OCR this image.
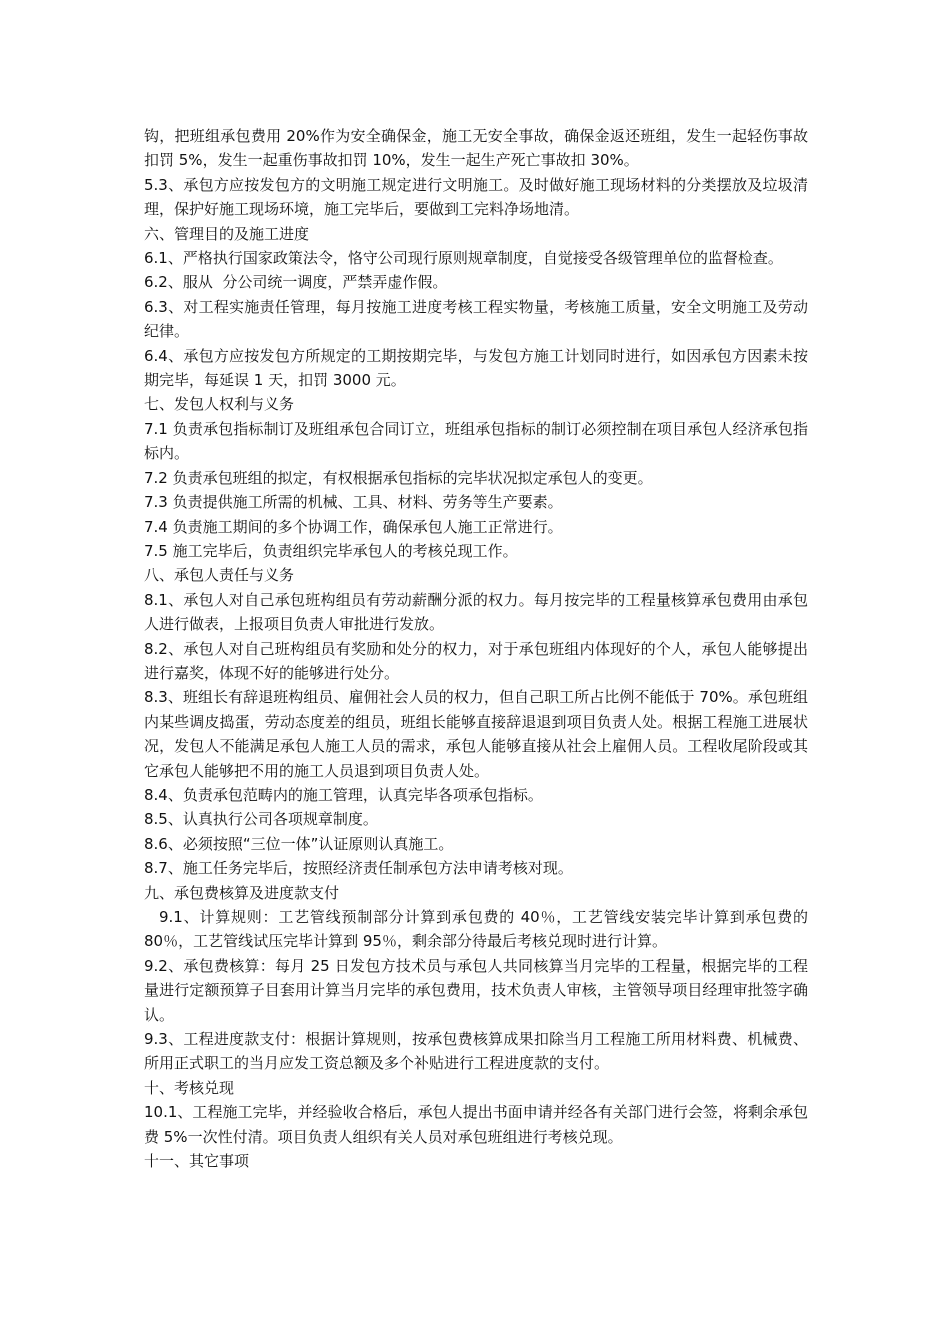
钩，把班组承包费用 20%作为安全确保金，施工无安全事故，确保金返还班组，发生一起轻伤事故扣罚 5%，发生一起重伤事故扣罚 10%，发生一起生产死亡事故扣 30%。

5.3、承包方应按发包方的文明施工规定进行文明施工。及时做好施工现场材料的分类摆放及垃圾清理，保护好施工现场环境，施工完毕后，要做到工完料净场地清。

六、管理目的及施工进度

6.1、严格执行国家政策法令，恪守公司现行原则规章制度，自觉接受各级管理单位的监督检查。

6.2、服从  分公司统一调度，严禁弄虚作假。

6.3、对工程实施责任管理，每月按施工进度考核工程实物量，考核施工质量，安全文明施工及劳动纪律。

6.4、承包方应按发包方所规定的工期按期完毕，与发包方施工计划同时进行，如因承包方因素未按期完毕，每延误 1 天，扣罚 3000 元。

七、发包人权利与义务

7.1 负责承包指标制订及班组承包合同订立，班组承包指标的制订必须控制在项目承包人经济承包指标内。

7.2 负责承包班组的拟定，有权根据承包指标的完毕状况拟定承包人的变更。

7.3 负责提供施工所需的机械、工具、材料、劳务等生产要素。

7.4 负责施工期间的多个协调工作，确保承包人施工正常进行。

7.5 施工完毕后，负责组织完毕承包人的考核兑现工作。

八、承包人责任与义务

8.1、承包人对自己承包班构组员有劳动薪酬分派的权力。每月按完毕的工程量核算承包费用由承包人进行做表，上报项目负责人审批进行发放。

8.2、承包人对自己班构组员有奖励和处分的权力，对于承包班组内体现好的个人，承包人能够提出进行嘉奖，体现不好的能够进行处分。

8.3、班组长有辞退班构组员、雇佣社会人员的权力，但自己职工所占比例不能低于 70%。承包班组内某些调皮捣蛋，劳动态度差的组员，班组长能够直接辞退退到项目负责人处。根据工程施工进展状况，发包人不能满足承包人施工人员的需求，承包人能够直接从社会上雇佣人员。工程收尾阶段或其它承包人能够把不用的施工人员退到项目负责人处。

8.4、负责承包范畴内的施工管理，认真完毕各项承包指标。

8.5、认真执行公司各项规章制度。

8.6、必须按照“三位一体”认证原则认真施工。

8.7、施工任务完毕后，按照经济责任制承包方法申请考核对现。

九、承包费核算及进度款支付

9.1、计算规则：工艺管线预制部分计算到承包费的 40％，工艺管线安装完毕计算到承包费的 80％，工艺管线试压完毕计算到 95％，剩余部分待最后考核兑现时进行计算。

9.2、承包费核算：每月 25 日发包方技术员与承包人共同核算当月完毕的工程量，根据完毕的工程量进行定额预算子目套用计算当月完毕的承包费用，技术负责人审核，主管领导项目经理审批签字确认。

9.3、工程进度款支付：根据计算规则，按承包费核算成果扣除当月工程施工所用材料费、机械费、所用正式职工的当月应发工资总额及多个补贴进行工程进度款的支付。

十、考核兑现

10.1、工程施工完毕，并经验收合格后，承包人提出书面申请并经各有关部门进行会签，将剩余承包费 5%一次性付清。项目负责人组织有关人员对承包班组进行考核兑现。

十一、其它事项
